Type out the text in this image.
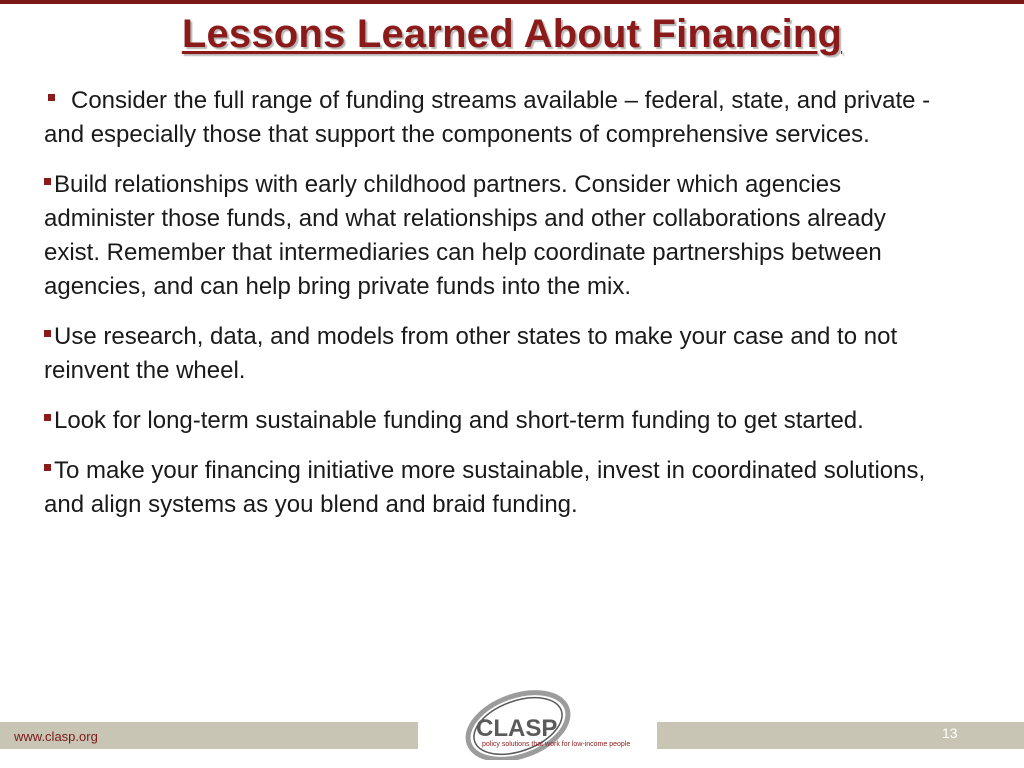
Lessons Learned About Financing
Consider the full range of funding streams available – federal, state, and private - and especially those that support the components of comprehensive services.
Build relationships with early childhood partners. Consider which agencies administer those funds, and what relationships and other collaborations already exist. Remember that intermediaries can help coordinate partnerships between agencies, and can help bring private funds into the mix.
Use research, data, and models from other states to make your case and to not reinvent the wheel.
Look for long-term sustainable funding and short-term funding to get started.
To make your financing initiative more sustainable, invest in coordinated solutions, and align systems as you blend and braid funding.
www.clasp.org	13
CLASP
policy solutions that work for low-income people
